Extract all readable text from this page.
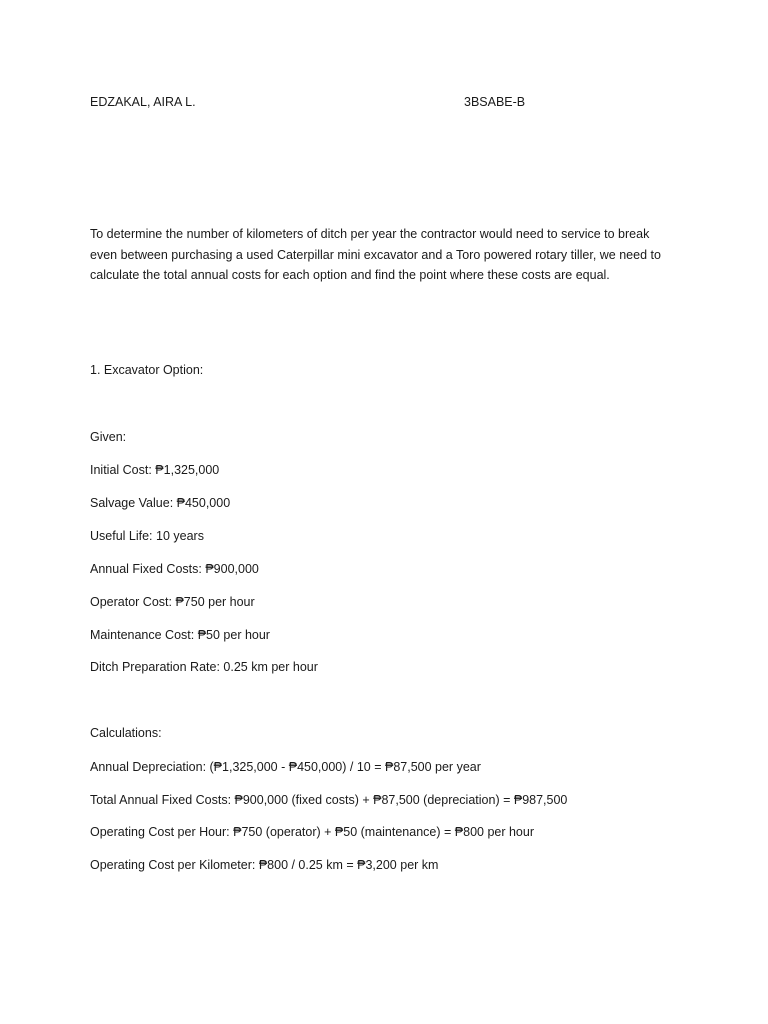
EDZAKAL, AIRA L.	3BSABE-B
To determine the number of kilometers of ditch per year the contractor would need to service to break
even between purchasing a used Caterpillar mini excavator and a Toro powered rotary tiller, we need to
calculate the total annual costs for each option and find the point where these costs are equal.
1. Excavator Option:
Given:
Initial Cost: ₱1,325,000
Salvage Value: ₱450,000
Useful Life: 10 years
Annual Fixed Costs: ₱900,000
Operator Cost: ₱750 per hour
Maintenance Cost: ₱50 per hour
Ditch Preparation Rate: 0.25 km per hour
Calculations:
Annual Depreciation: (₱1,325,000 - ₱450,000) / 10 = ₱87,500 per year
Total Annual Fixed Costs: ₱900,000 (fixed costs) + ₱87,500 (depreciation) = ₱987,500
Operating Cost per Hour: ₱750 (operator) + ₱50 (maintenance) = ₱800 per hour
Operating Cost per Kilometer: ₱800 / 0.25 km = ₱3,200 per km
